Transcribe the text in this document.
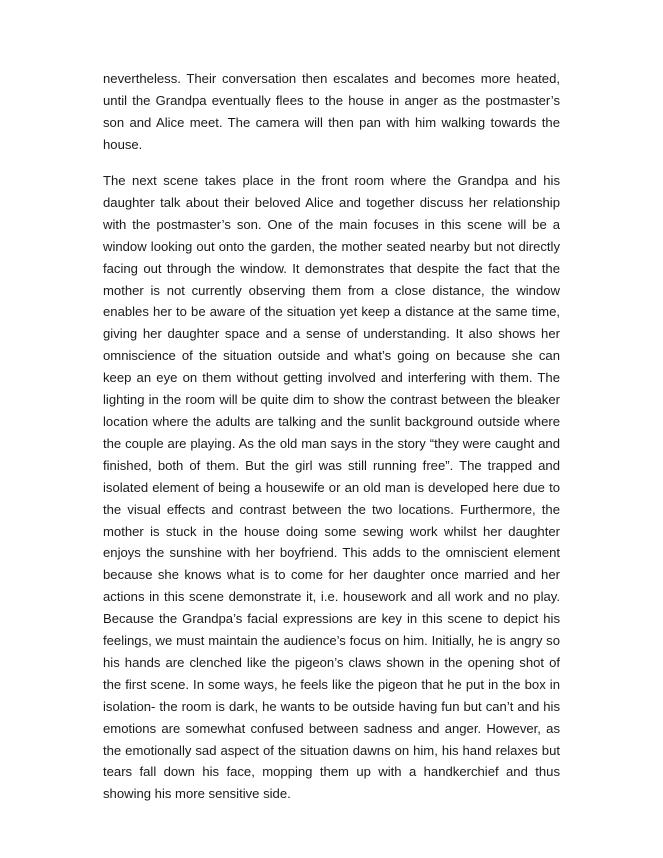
nevertheless. Their conversation then escalates and becomes more heated, until the Grandpa eventually flees to the house in anger as the postmaster’s son and Alice meet. The camera will then pan with him walking towards the house.

The next scene takes place in the front room where the Grandpa and his daughter talk about their beloved Alice and together discuss her relationship with the postmaster’s son. One of the main focuses in this scene will be a window looking out onto the garden, the mother seated nearby but not directly facing out through the window. It demonstrates that despite the fact that the mother is not currently observing them from a close distance, the window enables her to be aware of the situation yet keep a distance at the same time, giving her daughter space and a sense of understanding. It also shows her omniscience of the situation outside and what’s going on because she can keep an eye on them without getting involved and interfering with them. The lighting in the room will be quite dim to show the contrast between the bleaker location where the adults are talking and the sunlit background outside where the couple are playing. As the old man says in the story “they were caught and finished, both of them. But the girl was still running free”. The trapped and isolated element of being a housewife or an old man is developed here due to the visual effects and contrast between the two locations. Furthermore, the mother is stuck in the house doing some sewing work whilst her daughter enjoys the sunshine with her boyfriend. This adds to the omniscient element because she knows what is to come for her daughter once married and her actions in this scene demonstrate it, i.e. housework and all work and no play. Because the Grandpa’s facial expressions are key in this scene to depict his feelings, we must maintain the audience’s focus on him. Initially, he is angry so his hands are clenched like the pigeon’s claws shown in the opening shot of the first scene. In some ways, he feels like the pigeon that he put in the box in isolation- the room is dark, he wants to be outside having fun but can’t and his emotions are somewhat confused between sadness and anger. However, as the emotionally sad aspect of the situation dawns on him, his hand relaxes but tears fall down his face, mopping them up with a handkerchief and thus showing his more sensitive side.
